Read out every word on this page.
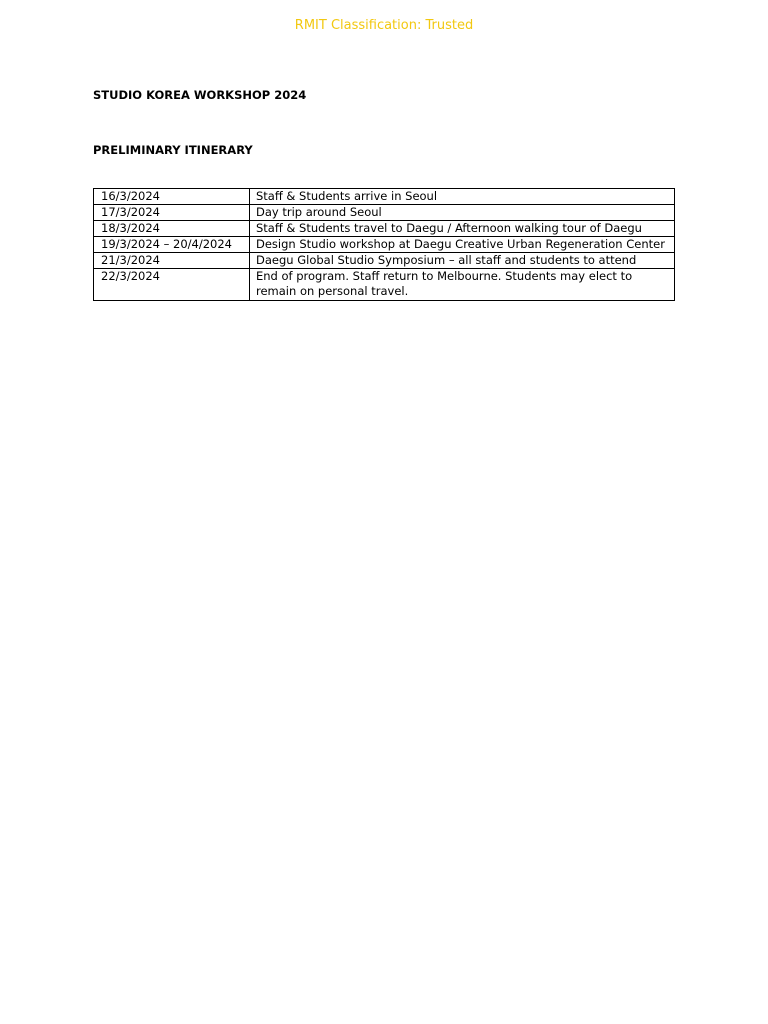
RMIT Classification: Trusted
STUDIO KOREA WORKSHOP 2024
PRELIMINARY ITINERARY
16/3/2024	Staff & Students arrive in Seoul
17/3/2024	Day trip around Seoul
18/3/2024	Staff & Students travel to Daegu / Afternoon walking tour of Daegu
19/3/2024 – 20/4/2024	Design Studio workshop at Daegu Creative Urban Regeneration Center
21/3/2024	Daegu Global Studio Symposium – all staff and students to attend
22/3/2024	End of program. Staff return to Melbourne. Students may elect to remain on personal travel.
